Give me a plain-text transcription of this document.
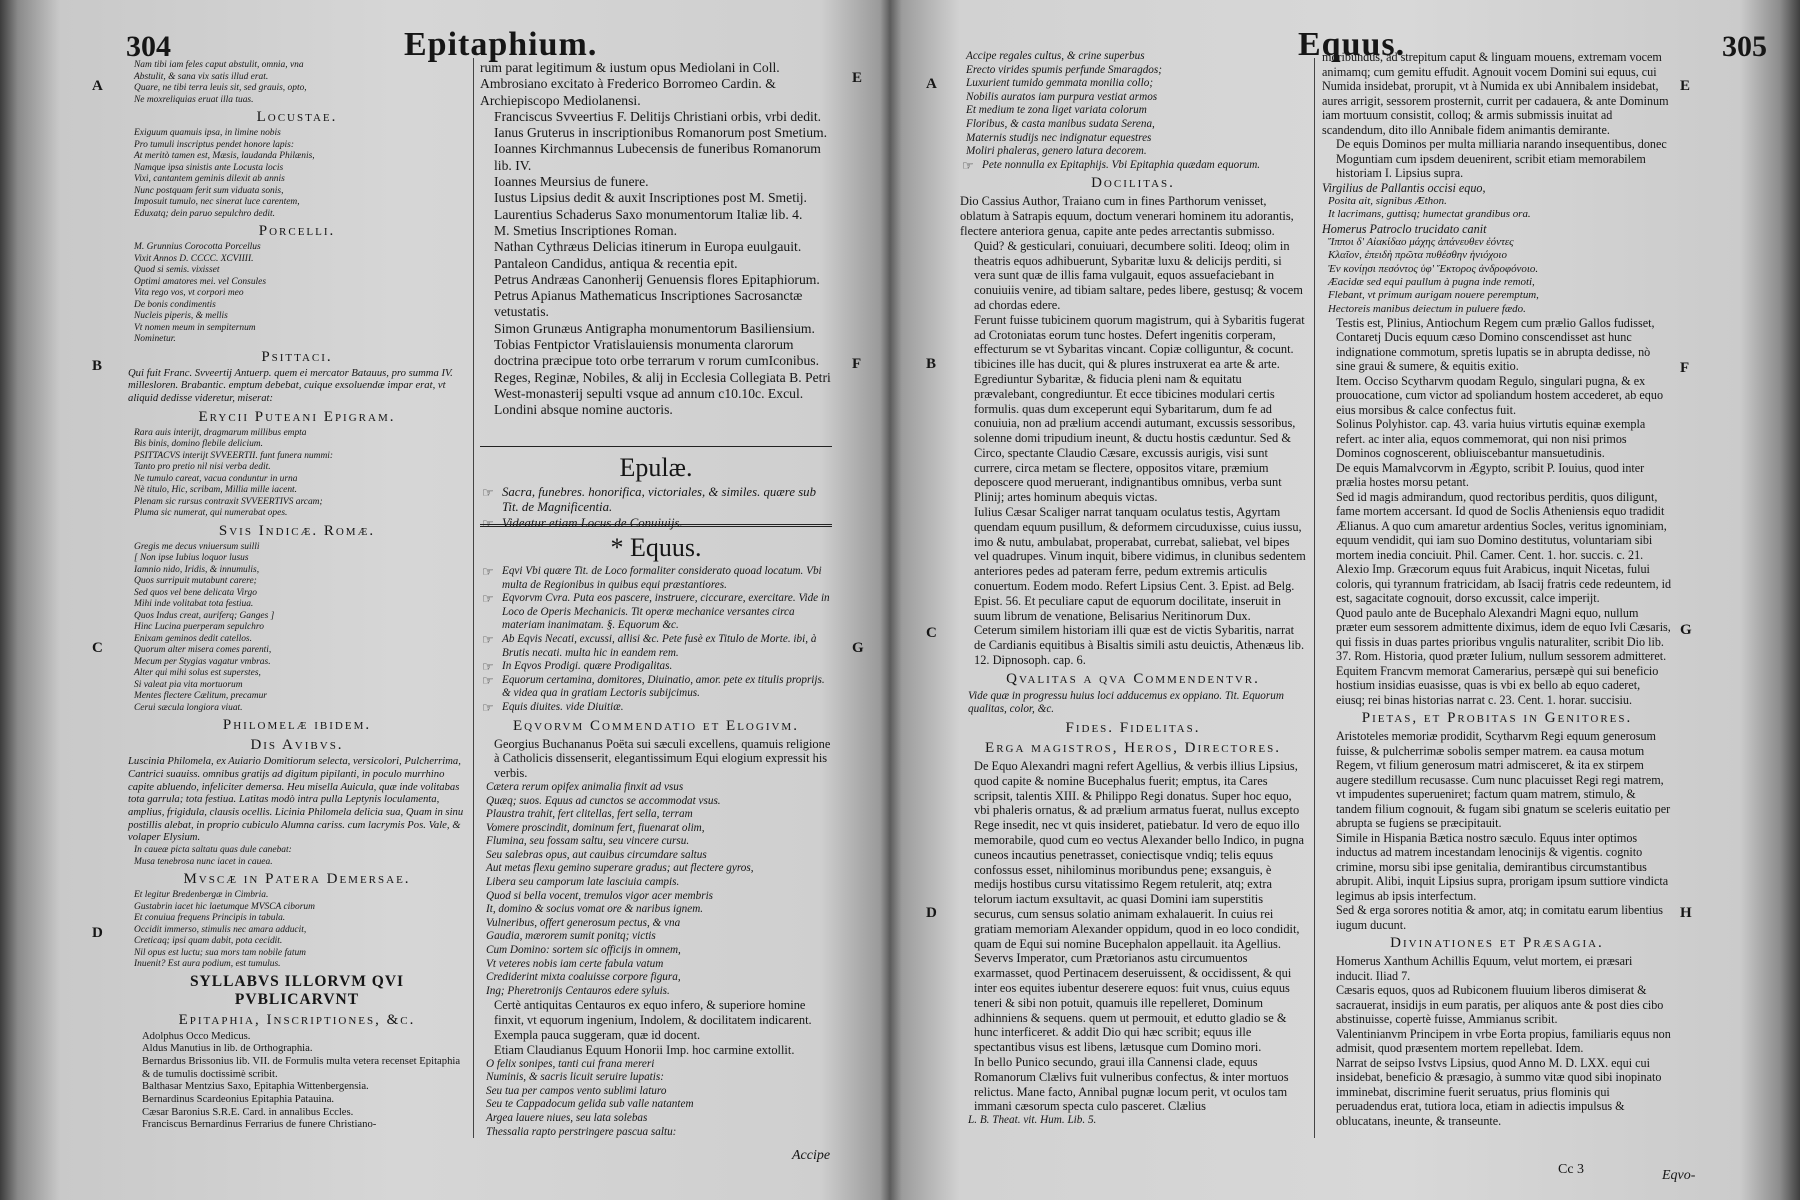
304	Epitaphium.
A
B
C
D
E
F
G

Nam tibi iam feles caput abstulit, omnia, vna

Abstulit, & sana vix satis illud erat.

Quare, ne tibi terra leuis sit, sed grauis, opto,

Ne moxreliquias eruat illa tuas.

Locustae.

Exiguum quamuis ipsa, in limine nobis

Pro tumuli inscriptus pendet honore lapis:

At meritò tamen est, Mæsis, laudanda Philænis,

Namque ipsa sinistis ante Locusta locis

Vixi, cantantem geminis dilexit ab annis

Nunc postquam ferit sum viduata sonis,

Imposuit tumulo, nec sinerat luce carentem,

Eduxatq; dein paruo sepulchro dedit.

Porcelli.

M. Grunnius Corocotta Porcellus

Vixit Annos D. CCCC. XCVIIII.

Quod si semis. vixisset

Optimi amatores mei. vel Consules

Vita rego vos, vt corpori meo

De bonis condimentis

Nucleis piperis, & mellis

Vt nomen meum in sempiternum

Nominetur.

Psittaci.

Qui fuit Franc. Svveertij Antuerp. quem ei mercator Batauus, pro summa IV. millesloren. Brabantic. emptum debebat, cuique exsoluendæ impar erat, vt aliquid dedisse videretur, miserat:

Erycii Puteani Epigram.

Rara auis interijt, dragmarum millibus empta

Bis binis, domino flebile delicium.

PSITTACVS interijt SVVEERTII. funt funera nummi:

Tanto pro pretio nil nisi verba dedit.

Ne tumulo careat, vacua conduntur in urna

Nè titulo, Hic, scribam, Millia mille iacent.

Plenam sic rursus contraxit SVVEERTIVS arcam;

Pluma sic numerat, qui numerabat opes.

Svis Indicæ. Romæ.

Gregis me decus vniuersum suilli

[ Non ipse Iubius loquor lusus

Iamnio nido, Iridis, & innumulis,

Quos surripuit mutabunt carere;

Sed quos vel bene delicata Virgo

Mihi inde volitabat tota festiua.

Quos Indus creat, auriferq; Ganges ]

Hinc Lucina puerperam sepulchro

Enixam geminos dedit catellos.

Quorum alter misera comes parenti,

Mecum per Stygias vagatur vmbras.

Alter qui mihi solus est superstes,

Si valeat pia vita mortuorum

Mentes flectere Cælitum, precamur

Cerui sæcula longiora viuat.

Philomelæ ibidem.

Dis Avibvs.

Luscinia Philomela, ex Auiario Domitiorum selecta, versicolori, Pulcherrima, Cantrici suauiss. omnibus gratijs ad digitum pipilanti, in poculo murrhino capite abluendo, infeliciter demersa. Heu misella Auicula, quæ inde volitabas tota garrula; tota festiua. Latitas modò intra pulla Leptynis loculamenta, amplius, frigidula, clausis ocellis. Licinia Philomela delicia sua, Quam in sinu postillis alebat, in proprio cubiculo Alumna cariss. cum lacrymis Pos. Vale, & volaper Elysium.

In caueæ picta saltatu quas dule canebat:

Musa tenebrosa nunc iacet in cauea.

Mvscæ in Patera Demersae.

Et legitur Bredenbergæ in Cimbria.

Gustabrin iacet hic laetumque MVSCA ciborum

Et conuiua frequens Principis in tabula.

Occidit immerso, stimulis nec amara adducit,

Creticaq; ipsi quam dabit, pota cecidit.

Nil opus est luctu; sua mors tam nobile fatum

Inuenit? Est aura podium, est tumulus.

SYLLABVS ILLORVM QVI PVBLICARVNT

Epitaphia, Inscriptiones, &c.

Adolphus Occo Medicus.

Aldus Manutius in lib. de Orthographia.

Bernardus Brissonius lib. VII. de Formulis multa vetera recenset Epitaphia & de tumulis doctissimè scribit.

Balthasar Mentzius Saxo, Epitaphia Wittenbergensia.

Bernardinus Scardeonius Epitaphia Patauina.

Cæsar Baronius S.R.E. Card. in annalibus Eccles.

Franciscus Bernardinus Ferrarius de funere Christiano-

rum parat legitimum & iustum opus Mediolani in Coll. Ambrosiano excitato à Frederico Borromeo Cardin. & Archiepiscopo Mediolanensi.

Franciscus Svveertius F. Delitijs Christiani orbis, vrbi dedit.

Ianus Gruterus in inscriptionibus Romanorum post Smetium.

Ioannes Kirchmannus Lubecensis de funeribus Romanorum lib. IV.

Ioannes Meursius de funere.

Iustus Lipsius dedit & auxit Inscriptiones post M. Smetij.

Laurentius Schaderus Saxo monumentorum Italiæ lib. 4.

M. Smetius Inscriptiones Roman.

Nathan Cythræus Delicias itinerum in Europa euulgauit.

Pantaleon Candidus, antiqua & recentia epit.

Petrus Andræas Canonherij Genuensis flores Epitaphiorum.

Petrus Apianus Mathematicus Inscriptiones Sacrosanctæ vetustatis.

Simon Grunæus Antigrapha monumentorum Basiliensium.

Tobias Fentpictor Vratislauiensis monumenta clarorum doctrina præcipue toto orbe terrarum v rorum cumIconibus.

Reges, Reginæ, Nobiles, & alij in Ecclesia Collegiata B. Petri West-monasterij sepulti vsque ad annum c10.10c. Excul. Londini absque nomine auctoris.

Epulæ.

☞ Sacra, funebres. honorifica, victoriales, & similes. quære sub Tit. de Magnificentia.

☞ Videatur etiam Locus de Conuiuijs.

* Equus.

☞ Eqvi Vbi quære Tit. de Loco formaliter considerato quoad locatum. Vbi multa de Regionibus in quibus equi præstantiores.

☞ Eqvorvm Cvra. Puta eos pascere, instruere, ciccurare, exercitare. Vide in Loco de Operis Mechanicis. Tit operæ mechanice versantes circa materiam inanimatam. §. Equorum &c.

☞ Ab Eqvis Necati, excussi, allisi &c. Pete fusè ex Titulo de Morte. ibi, à Brutis necati. multa hic in eandem rem.

☞ In Eqvos Prodigi. quære Prodigalitas.

☞ Equorum certamina, domitores, Diuinatio, amor. pete ex titulis proprijs. & videa qua in gratiam Lectoris subijcimus.

☞ Equis diuites. vide Diuitiæ.

Eqvorvm Commendatio et Elogivm.

Georgius Buchananus Poëta sui sæculi excellens, quamuis religione à Catholicis dissenserit, elegantissimum Equi elogium expressit his verbis.

Cætera rerum opifex animalia finxit ad vsus

Quæq; suos. Equus ad cunctos se accommodat vsus.

Plaustra trahit, fert clitellas, fert sella, terram

Vomere proscindit, dominum fert, fiuenarat olim,

Flumina, seu fossam saltu, seu vincere cursu.

Seu salebras opus, aut cauibus circumdare saltus

Aut metas flexu gemino superare gradus; aut flectere gyros,

Libera seu camporum late lasciuia campis.

Quod si bella vocent, tremulos vigor acer membris

It, domino & socius vomat ore & naribus ignem.

Vulneribus, offert generosum pectus, & vna

Gaudia, mærorem sumit ponitq; victis

Cum Domino: sortem sic officijs in omnem,

Vt veteres nobis iam certe fabula vatum

Crediderint mixta coaluisse corpore figura,

Ing; Pheretronijs Centauros edere syluis.

Certè antiquitas Centauros ex equo infero, & superiore homine finxit, vt equorum ingenium, Indolem, & docilitatem indicarent. Exempla pauca suggeram, quæ id docent.

Etiam Claudianus Equum Honorii Imp. hoc carmine extollit.

O felix sonipes, tanti cui frana mereri

Numinis, & sacris licuit seruire lupatis:

Seu tua per campos vento sublimi laturo

Seu te Cappadocum gelida sub valle natantem

Argea lauere niues, seu lata solebas

Thessalia rapto perstringere pascua saltu:

Accipe
Equus.	305
A
B
C
D
E
F
G
H

Accipe regales cultus, & crine superbus

Erecto virides spumis perfunde Smaragdos;

Luxurient tumido gemmata monilia collo;

Nobilis auratos iam purpura vestiat armos

Et medium te zona liget variata colorum

Floribus, & casta manibus sudata Serena,

Maternis studijs nec indignatur equestres

Moliri phaleras, genero latura decorem.

☞ Pete nonnulla ex Epitaphijs. Vbi Epitaphia quædam equorum.

Docilitas.

Dio Cassius Author, Traiano cum in fines Parthorum venisset, oblatum à Satrapis equum, doctum venerari hominem itu adorantis, flectere anteriora genua, capite ante pedes arrectantis submisso.

Quid? & gesticulari, conuiuari, decumbere soliti. Ideoq; olim in theatris equos adhibuerunt, Sybaritæ luxu & delicijs perditi, si vera sunt quæ de illis fama vulgauit, equos assuefaciebant in conuiuiis venire, ad tibiam saltare, pedes libere, gestusq; & vocem ad chordas edere.

Ferunt fuisse tubicinem quorum magistrum, qui à Sybaritis fugerat ad Crotoniatas eorum tunc hostes. Defert ingenitis corperam, effecturum se vt Sybaritas vincant. Copiæ colliguntur, & cocunt. tibicines ille has ducit, qui & plures instruxerat ea arte & arte. Egrediuntur Sybaritæ, & fiducia pleni nam & equitatu prævalebant, congrediuntur. Et ecce tibicines modulari certis formulis. quas dum exceperunt equi Sybaritarum, dum fe ad conuiuia, non ad prælium accendi autumant, excussis sessoribus, solenne domi tripudium ineunt, & ductu hostis cæduntur. Sed & Circo, spectante Claudio Cæsare, excussis aurigis, visi sunt currere, circa metam se flectere, oppositos vitare, præmium deposcere quod meruerant, indignantibus omnibus, verba sunt Plinij; artes hominum abequis victas.

Iulius Cæsar Scaliger narrat tanquam oculatus testis, Agyrtam quendam equum pusillum, & deformem circuduxisse, cuius iussu, imo & nutu, ambulabat, properabat, currebat, saliebat, vel bipes vel quadrupes. Vinum inquit, bibere vidimus, in clunibus sedentem anteriores pedes ad pateram ferre, pedum extremis articulis conuertum. Eodem modo. Refert Lipsius Cent. 3. Epist. ad Belg. Epist. 56. Et peculiare caput de equorum docilitate, inseruit in suum librum de venatione, Belisarius Neritinorum Dux.

Ceterum similem historiam illi quæ est de victis Sybaritis, narrat de Cardianis equitibus à Bisaltis simili astu deuictis, Athenæus lib. 12. Dipnosoph. cap. 6.

Qvalitas a qva Commendentvr.

Vide quæ in progressu huius loci adducemus ex oppiano. Tit. Equorum qualitas, color, &c.

Fides. Fidelitas.

Erga magistros, Heros, Directores.

De Equo Alexandri magni refert Agellius, & verbis illius Lipsius, quod capite & nomine Bucephalus fuerit; emptus, ita Cares scripsit, talentis XIII. & Philippo Regi donatus. Super hoc equo, vbi phaleris ornatus, & ad prælium armatus fuerat, nullus excepto Rege insedit, nec vt quis insideret, patiebatur. Id vero de equo illo memorabile, quod cum eo vectus Alexander bello Indico, in pugna cuneos incautius penetrasset, coniectisque vndiq; telis equus confossus esset, nihilominus moribundus pene; exsanguis, è medijs hostibus cursu vitatissimo Regem retulerit, atq; extra telorum iactum exsultavit, ac quasi Domini iam superstitis securus, cum sensus solatio animam exhalauerit. In cuius rei gratiam memoriam Alexander oppidum, quod in eo loco condidit, quam de Equi sui nomine Bucephalon appellauit. ita Agellius.

Severvs Imperator, cum Prætorianos astu circumuentos exarmasset, quod Pertinacem deseruissent, & occidissent, & qui inter eos equites iubentur deserere equos: fuit vnus, cuius equus teneri & sibi non potuit, quamuis ille repelleret, Dominum adhinniens & sequens. quem ut permouit, et edutto gladio se & hunc interficeret. & addit Dio qui hæc scribit; equus ille spectantibus visus est libens, lætusque cum Domino mori.

In bello Punico secundo, graui illa Cannensi clade, equus Romanorum Clælivs fuit vulneribus confectus, & inter mortuos relictus. Mane facto, Annibal pugnæ locum perit, vt oculos tam immani cæsorum specta culo pasceret. Clælius

L. B. Theat. vit. Hum. Lib. 5.

moribundus, ad strepitum caput & linguam mouens, extremam vocem animamq; cum gemitu effudit. Agnouit vocem Domini sui equus, cui Numida insidebat, prorupit, vt à Numida ex ubi Annibalem insidebat, aures arrigit, sessorem prosternit, currit per cadauera, & ante Dominum iam mortuum consistit, colloq; & armis submissis inuitat ad scandendum, dito illo Annibale fidem animantis demirante.

De equis Dominos per multa milliaria narando insequentibus, donec Moguntiam cum ipsdem deuenirent, scribit etiam memorabilem historiam I. Lipsius supra.

Virgilius de Pallantis occisi equo,

Posita ait, signibus Æthon.

It lacrimans, guttisq; humectat grandibus ora.

Homerus Patroclo trucidato canit

Ἵπποι δ' Αἰακίδαο μάχης ἀπάνευθεν ἐόντες

Κλαῖον, ἐπειδὴ πρῶτα πυθέσθην ἡνιόχοιο

Ἐν κονίῃσι πεσόντος ὑφ' Ἕκτορος ἀνδροφόνοιο.

Æacidæ sed equi paullum à pugna inde remoti,

Flebant, vt primum aurigam nouere peremptum,

Hectoreis manibus deiectum in puluere fædo.

Testis est, Plinius, Antiochum Regem cum prælio Gallos fudisset, Contaretj Ducis equum cæso Domino conscendisset ast hunc indignatione commotum, spretis lupatis se in abrupta dedisse, nò sine graui & sumere, & equitis exitio.

Item. Occiso Scytharvm quodam Regulo, singulari pugna, & ex prouocatione, cum victor ad spoliandum hostem accederet, ab equo eius morsibus & calce confectus fuit.

Solinus Polyhistor. cap. 43. varia huius virtutis equinæ exempla refert. ac inter alia, equos commemorat, qui non nisi primos Dominos cognoscerent, obliuiscebantur mansuetudinis.

De equis Mamalvcorvm in Ægypto, scribit P. Iouius, quod inter prælia hostes morsu petant.

Sed id magis admirandum, quod rectoribus perditis, quos diligunt, fame mortem accersant. Id quod de Soclis Atheniensis equo tradidit Ælianus. A quo cum amaretur ardentius Socles, veritus ignominiam, equum vendidit, qui iam suo Domino destitutus, voluntariam sibi mortem inedia conciuit. Phil. Camer. Cent. 1. hor. succis. c. 21.

Alexio Imp. Græcorum equus fuit Arabicus, inquit Nicetas, fului coloris, qui tyrannum fratricidam, ab Isacij fratris cede redeuntem, id est, sagacitate cognouit, dorso excussit, calce imperijt.

Quod paulo ante de Bucephalo Alexandri Magni equo, nullum præter eum sessorem admittente diximus, idem de equo Ivli Cæsaris, qui fissis in duas partes prioribus vngulis naturaliter, scribit Dio lib. 37. Rom. Historia, quod præter Iulium, nullum sessorem admitteret.

Equitem Francvm memorat Camerarius, persæpè qui sui beneficio hostium insidias euasisse, quas is vbi ex bello ab equo caderet, eiusq; rei binas historias narrat c. 23. Cent. 1. horar. succisiu.

Pietas, et Probitas in Genitores.

Aristoteles memoriæ prodidit, Scytharvm Regi equum generosum fuisse, & pulcherrimæ sobolis semper matrem. ea causa motum Regem, vt filium generosum matri admisceret, & ita ex stirpem augere stedillum recusasse. Cum nunc placuisset Regi regi matrem, vt impudentes superueniret; factum quam matrem, stimulo, & tandem filium cognouit, & fugam sibi gnatum se sceleris euitatio per abrupta se fugiens se præcipitauit.

Simile in Hispania Bætica nostro sæculo. Equus inter optimos inductus ad matrem incestandam lenocinijs & vigentis. cognito crimine, morsu sibi ipse genitalia, demirantibus circumstantibus abrupit. Alibi, inquit Lipsius supra, prorigam ipsum suttiore vindicta legimus ab ipsis interfectum.

Sed & erga sorores notitia & amor, atq; in comitatu earum libentius iugum ducunt.

Divinationes et Præsagia.

Homerus Xanthum Achillis Equum, velut mortem, ei præsari inducit. Iliad 7.

Cæsaris equos, quos ad Rubiconem fluuium liberos dimiserat & sacrauerat, insidijs in eum paratis, per aliquos ante & post dies cibo abstinuisse, copertè fuisse, Ammianus scribit.

Valentinianvm Principem in vrbe Eorta propius, familiaris equus non admisit, quod præsentem mortem repellebat. Idem.

Narrat de seipso Ivstvs Lipsius, quod Anno M. D. LXX. equi cui insidebat, beneficio & præsagio, à summo vitæ quod sibi inopinato imminebat, discrimine fuerit seruatus, prius flominis qui peruadendus erat, tutiora loca, etiam in adiectis impulsus & oblucatans, ineunte, & transeunte.

Cc 3	Eqvo-
